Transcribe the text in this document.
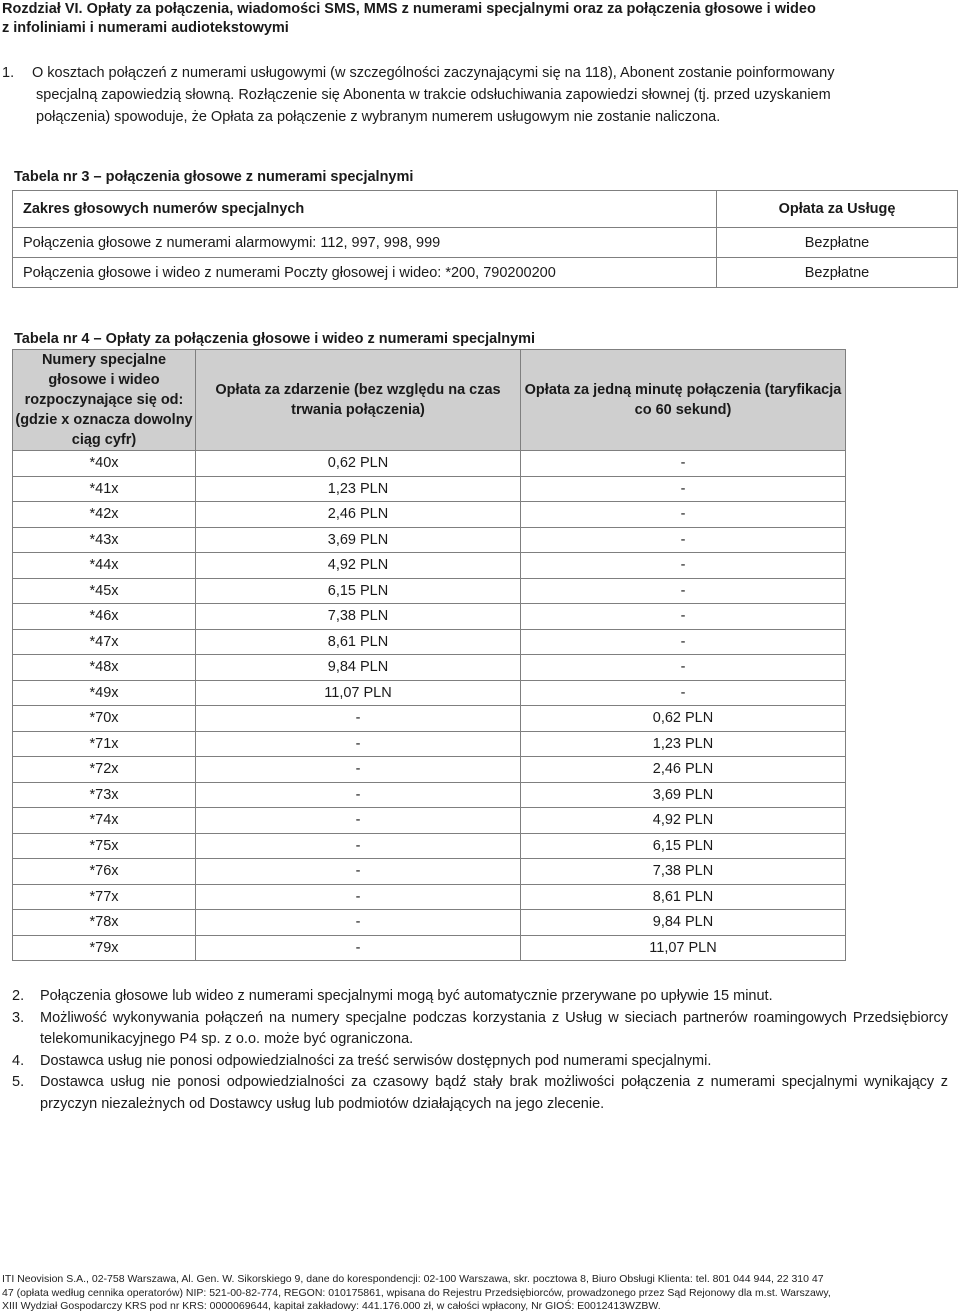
Rozdział VI. Opłaty za połączenia, wiadomości SMS, MMS z numerami specjalnymi oraz za połączenia głosowe i wideo
z infoliniami i numerami audiotekstowymi
1. O kosztach połączeń z numerami usługowymi (w szczególności zaczynającymi się na 118), Abonent zostanie poinformowany
specjalną zapowiedzią słowną. Rozłączenie się Abonenta w trakcie odsłuchiwania zapowiedzi słownej (tj. przed uzyskaniem
połączenia) spowoduje, że Opłata za połączenie z wybranym numerem usługowym nie zostanie naliczona.
Tabela nr 3 – połączenia głosowe z numerami specjalnymi
Zakres głosowych numerów specjalnych	Opłata za Usługę
Połączenia głosowe z numerami alarmowymi: 112, 997, 998, 999	Bezpłatne
Połączenia głosowe i wideo z numerami Poczty głosowej i wideo: *200, 790200200	Bezpłatne
Tabela nr 4 – Opłaty za połączenia głosowe i wideo z numerami specjalnymi
Numery specjalne głosowe i wideo rozpoczynające się od: (gdzie x oznacza dowolny ciąg cyfr)	Opłata za zdarzenie (bez względu na czas trwania połączenia)	Opłata za jedną minutę połączenia (taryfikacja co 60 sekund)
*40x	0,62 PLN	-
*41x	1,23 PLN	-
*42x	2,46 PLN	-
*43x	3,69 PLN	-
*44x	4,92 PLN	-
*45x	6,15 PLN	-
*46x	7,38 PLN	-
*47x	8,61 PLN	-
*48x	9,84 PLN	-
*49x	11,07 PLN	-
*70x	-	0,62 PLN
*71x	-	1,23 PLN
*72x	-	2,46 PLN
*73x	-	3,69 PLN
*74x	-	4,92 PLN
*75x	-	6,15 PLN
*76x	-	7,38 PLN
*77x	-	8,61 PLN
*78x	-	9,84 PLN
*79x	-	11,07 PLN
2. Połączenia głosowe lub wideo z numerami specjalnymi mogą być automatycznie przerywane po upływie 15 minut.
3. Możliwość wykonywania połączeń na numery specjalne podczas korzystania z Usług w sieciach partnerów roamingowych Przedsiębiorcy telekomunikacyjnego P4 sp. z o.o. może być ograniczona.
4. Dostawca usług nie ponosi odpowiedzialności za treść serwisów dostępnych pod numerami specjalnymi.
5. Dostawca usług nie ponosi odpowiedzialności za czasowy bądź stały brak możliwości połączenia z numerami specjalnymi wynikający z przyczyn niezależnych od Dostawcy usług lub podmiotów działających na jego zlecenie.
ITI Neovision S.A., 02-758 Warszawa, Al. Gen. W. Sikorskiego 9, dane do korespondencji: 02-100 Warszawa, skr. pocztowa 8, Biuro Obsługi Klienta: tel. 801 044 944, 22 310 47
47 (opłata według cennika operatorów) NIP: 521-00-82-774, REGON: 010175861, wpisana do Rejestru Przedsiębiorców, prowadzonego przez Sąd Rejonowy dla m.st. Warszawy,
XIII Wydział Gospodarczy KRS pod nr KRS: 0000069644, kapitał zakładowy: 441.176.000 zł, w całości wpłacony, Nr GIOŚ: E0012413WZBW.
